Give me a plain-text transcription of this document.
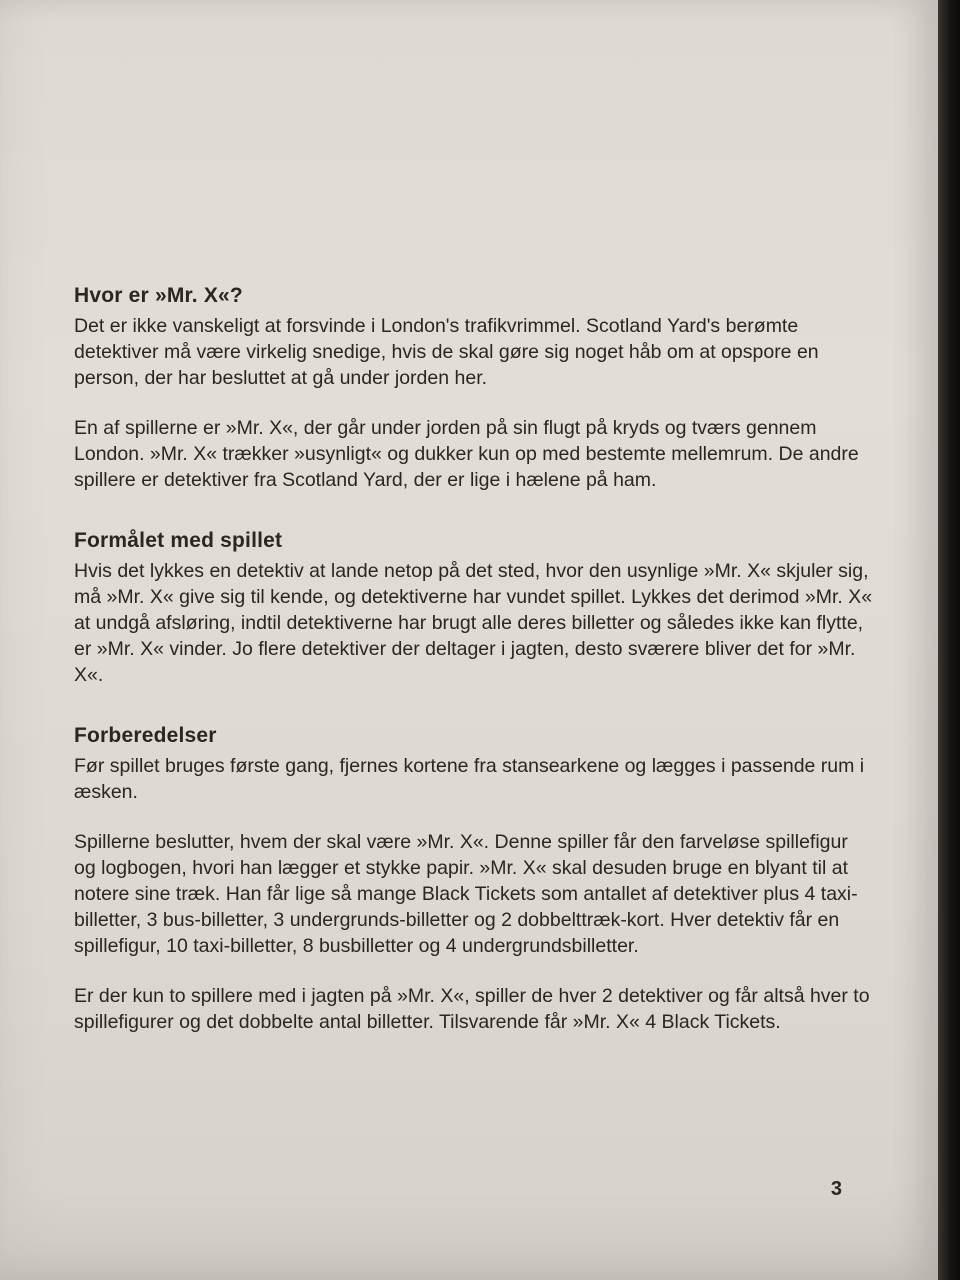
Hvor er »Mr. X«?

Det er ikke vanskeligt at forsvinde i London's trafikvrimmel. Scotland Yard's berømte detektiver må være virkelig snedige, hvis de skal gøre sig noget håb om at opspore en person, der har besluttet at gå under jorden her.

En af spillerne er »Mr. X«, der går under jorden på sin flugt på kryds og tværs gennem London. »Mr. X« trækker »usynligt« og dukker kun op med bestemte mellemrum. De andre spillere er detektiver fra Scotland Yard, der er lige i hælene på ham.

Formålet med spillet

Hvis det lykkes en detektiv at lande netop på det sted, hvor den usynlige »Mr. X« skjuler sig, må »Mr. X« give sig til kende, og detektiverne har vundet spillet. Lykkes det derimod »Mr. X« at undgå afsløring, indtil detektiverne har brugt alle deres billetter og således ikke kan flytte, er »Mr. X« vinder. Jo flere detektiver der deltager i jagten, desto sværere bliver det for »Mr. X«.

Forberedelser

Før spillet bruges første gang, fjernes kortene fra stansearkene og lægges i passende rum i æsken.

Spillerne beslutter, hvem der skal være »Mr. X«. Denne spiller får den farveløse spillefigur og logbogen, hvori han lægger et stykke papir. »Mr. X« skal desuden bruge en blyant til at notere sine træk. Han får lige så mange Black Tickets som antallet af detektiver plus 4 taxi-billetter, 3 bus-billetter, 3 undergrunds-billetter og 2 dobbelttræk-kort. Hver detektiv får en spillefigur, 10 taxi-billetter, 8 busbilletter og 4 undergrundsbilletter.

Er der kun to spillere med i jagten på »Mr. X«, spiller de hver 2 detektiver og får altså hver to spillefigurer og det dobbelte antal billetter. Tilsvarende får »Mr. X« 4 Black Tickets.

3
